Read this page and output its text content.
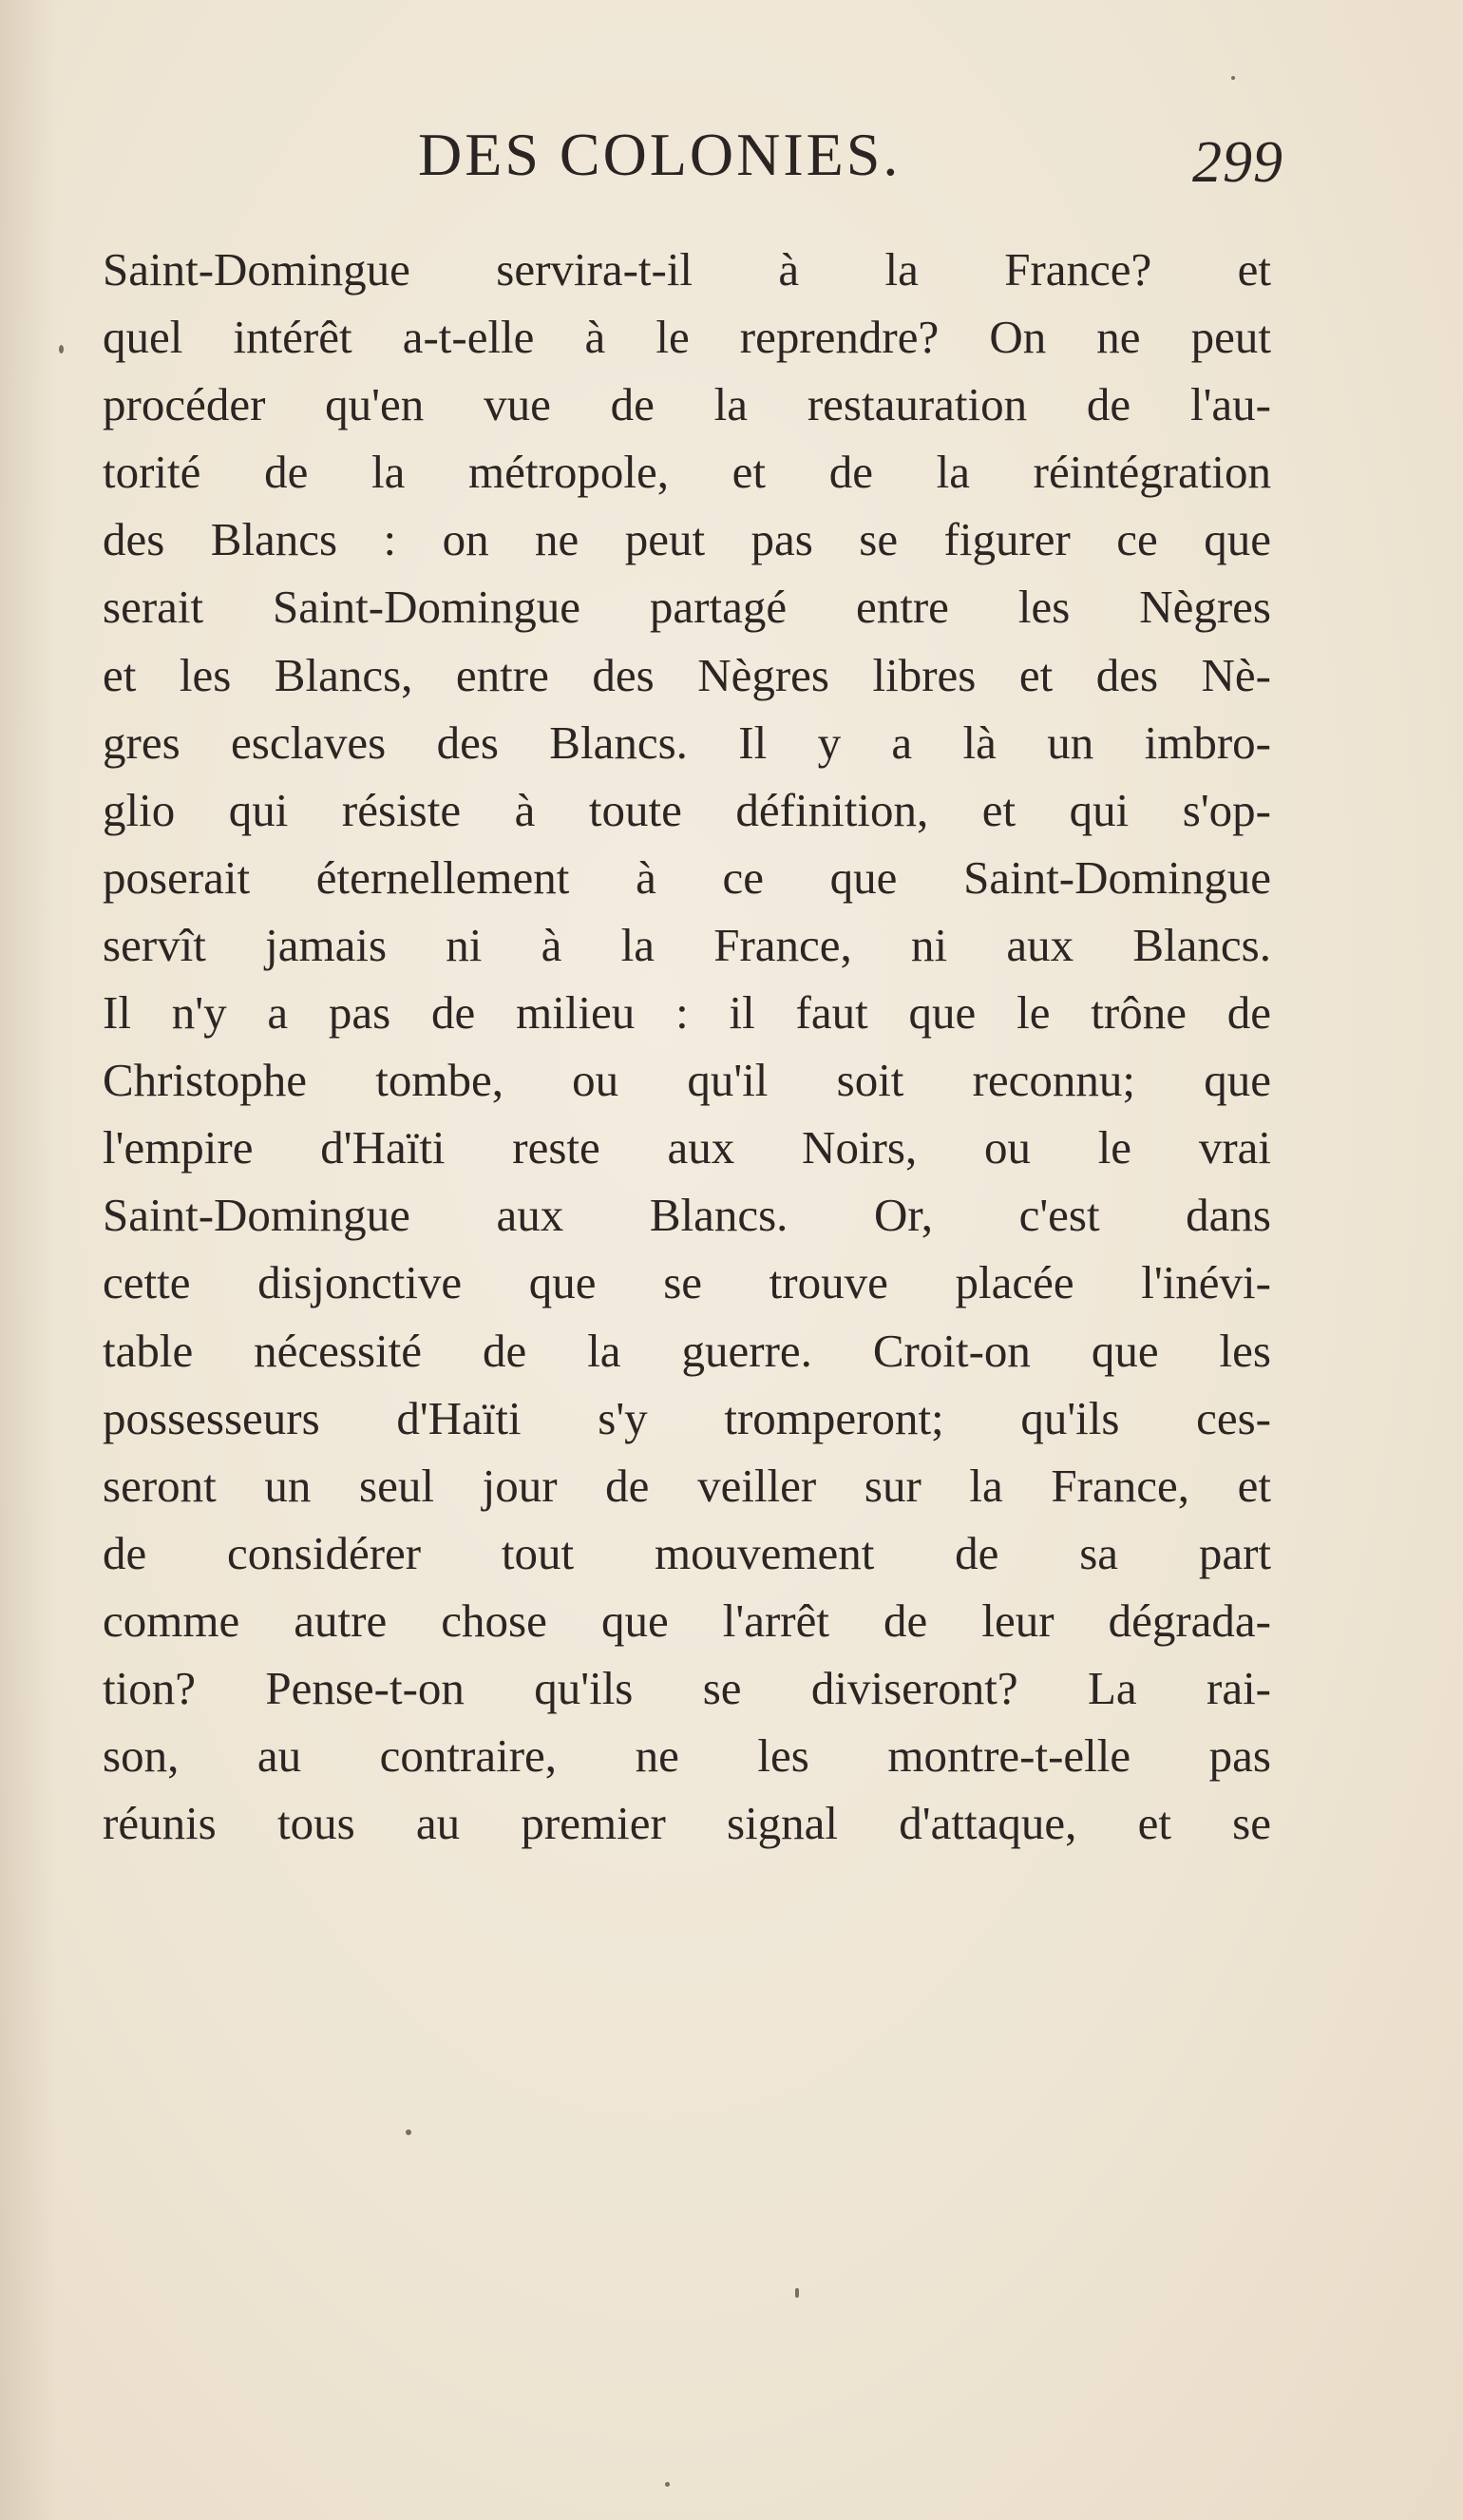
DES COLONIES.	299
Saint-Domingue servira-t-il à la France? et
quel intérêt a-t-elle à le reprendre? On ne peut
procéder qu'en vue de la restauration de l'au-
torité de la métropole, et de la réintégration
des Blancs : on ne peut pas se figurer ce que
serait Saint-Domingue partagé entre les Nègres
et les Blancs, entre des Nègres libres et des Nè-
gres esclaves des Blancs. Il y a là un imbro-
glio qui résiste à toute définition, et qui s'op-
poserait éternellement à ce que Saint-Domingue
servît jamais ni à la France, ni aux Blancs.
Il n'y a pas de milieu : il faut que le trône de
Christophe tombe, ou qu'il soit reconnu; que
l'empire d'Haïti reste aux Noirs, ou le vrai
Saint-Domingue aux Blancs. Or, c'est dans
cette disjonctive que se trouve placée l'inévi-
table nécessité de la guerre. Croit-on que les
possesseurs d'Haïti s'y tromperont; qu'ils ces-
seront un seul jour de veiller sur la France, et
de considérer tout mouvement de sa part
comme autre chose que l'arrêt de leur dégrada-
tion? Pense-t-on qu'ils se diviseront? La rai-
son, au contraire, ne les montre-t-elle pas
réunis tous au premier signal d'attaque, et se
